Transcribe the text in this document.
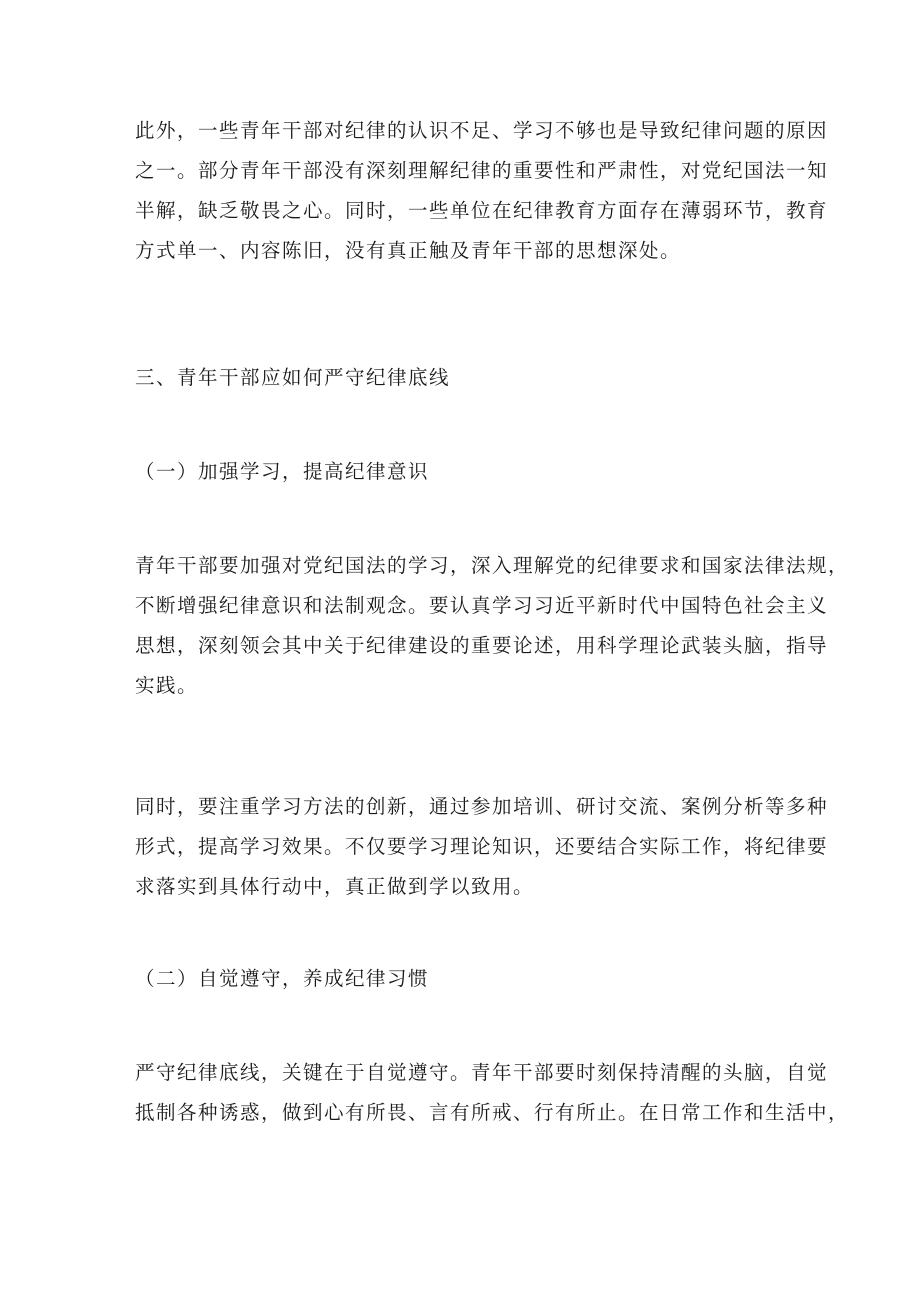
此外，一些青年干部对纪律的认识不足、学习不够也是导致纪律问题的原因
之一。部分青年干部没有深刻理解纪律的重要性和严肃性，对党纪国法一知
半解，缺乏敬畏之心。同时，一些单位在纪律教育方面存在薄弱环节，教育
方式单一、内容陈旧，没有真正触及青年干部的思想深处。
三、青年干部应如何严守纪律底线
（一）加强学习，提高纪律意识
青年干部要加强对党纪国法的学习，深入理解党的纪律要求和国家法律法规，
不断增强纪律意识和法制观念。要认真学习习近平新时代中国特色社会主义
思想，深刻领会其中关于纪律建设的重要论述，用科学理论武装头脑，指导
实践。
同时，要注重学习方法的创新，通过参加培训、研讨交流、案例分析等多种
形式，提高学习效果。不仅要学习理论知识，还要结合实际工作，将纪律要
求落实到具体行动中，真正做到学以致用。
（二）自觉遵守，养成纪律习惯
严守纪律底线，关键在于自觉遵守。青年干部要时刻保持清醒的头脑，自觉
抵制各种诱惑，做到心有所畏、言有所戒、行有所止。在日常工作和生活中，
